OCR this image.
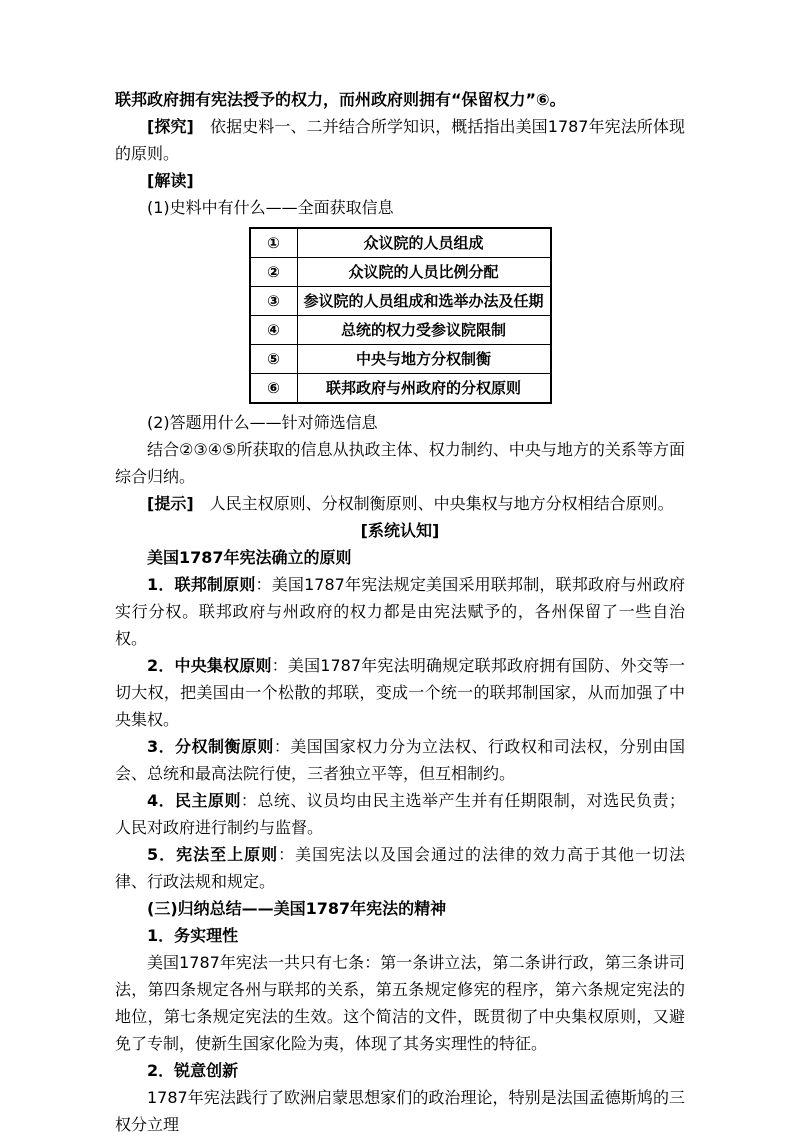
联邦政府拥有宪法授予的权力，而州政府则拥有“保留权力”⑥。

[探究]　依据史料一、二并结合所学知识，概括指出美国1787年宪法所体现的原则。

[解读]

(1)史料中有什么——全面获取信息

①	众议院的人员组成
②	众议院的人员比例分配
③	参议院的人员组成和选举办法及任期
④	总统的权力受参议院限制
⑤	中央与地方分权制衡
⑥	联邦政府与州政府的分权原则

(2)答题用什么——针对筛选信息

结合②③④⑤所获取的信息从执政主体、权力制约、中央与地方的关系等方面综合归纳。

[提示]　人民主权原则、分权制衡原则、中央集权与地方分权相结合原则。

[系统认知]

美国1787年宪法确立的原则

1．联邦制原则：美国1787年宪法规定美国采用联邦制，联邦政府与州政府实行分权。联邦政府与州政府的权力都是由宪法赋予的，各州保留了一些自治权。

2．中央集权原则：美国1787年宪法明确规定联邦政府拥有国防、外交等一切大权，把美国由一个松散的邦联，变成一个统一的联邦制国家，从而加强了中央集权。

3．分权制衡原则：美国国家权力分为立法权、行政权和司法权，分别由国会、总统和最高法院行使，三者独立平等，但互相制约。

4．民主原则：总统、议员均由民主选举产生并有任期限制，对选民负责；人民对政府进行制约与监督。

5．宪法至上原则：美国宪法以及国会通过的法律的效力高于其他一切法律、行政法规和规定。

(三)归纳总结——美国1787年宪法的精神

1．务实理性

美国1787年宪法一共只有七条：第一条讲立法，第二条讲行政，第三条讲司法，第四条规定各州与联邦的关系，第五条规定修宪的程序，第六条规定宪法的地位，第七条规定宪法的生效。这个简洁的文件，既贯彻了中央集权原则，又避免了专制，使新生国家化险为夷，体现了其务实理性的特征。

2．锐意创新

1787年宪法践行了欧洲启蒙思想家们的政治理论，特别是法国孟德斯鸠的三权分立理
